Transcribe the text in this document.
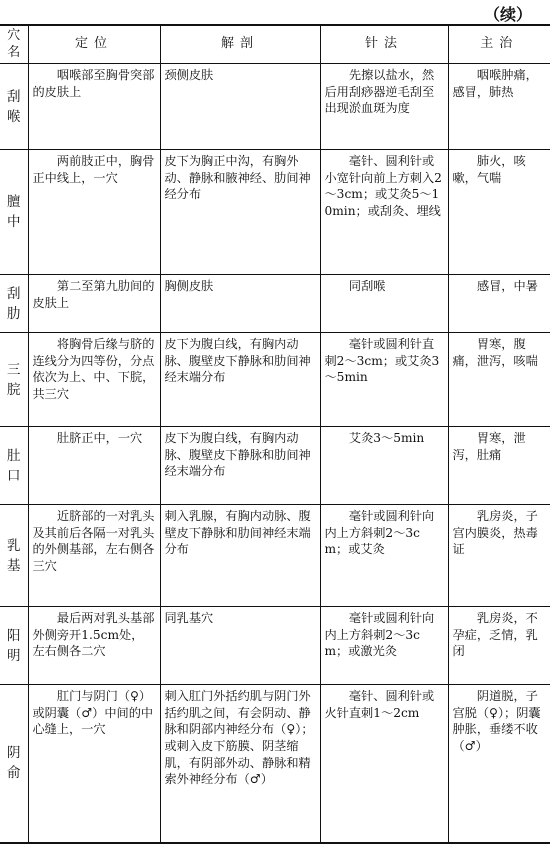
（续）
穴名	定位	解剖	针法	主治
刮喉	咽喉部至胸骨突部的皮肤上	颈侧皮肤	先擦以盐水，然后用刮痧器逆毛刮至出现淤血斑为度	咽喉肿痛，感冒，肺热
膻中	两前肢正中，胸骨正中线上，一穴	皮下为胸正中沟，有胸外动、静脉和腋神经、肋间神经分布	毫针、圆利针或小宽针向前上方刺入2～3cm；或艾灸5～10min；或刮灸、埋线	肺火，咳嗽，气喘
刮肋	第二至第九肋间的皮肤上	胸侧皮肤	同刮喉	感冒，中暑
三脘	将胸骨后缘与脐的连线分为四等份，分点依次为上、中、下脘，共三穴	皮下为腹白线，有胸内动脉、腹壁皮下静脉和肋间神经末端分布	毫针或圆利针直刺2～3cm；或艾灸3～5min	胃寒，腹痛，泄泻，咳喘
肚口	肚脐正中，一穴	皮下为腹白线，有胸内动脉、腹壁皮下静脉和肋间神经末端分布	艾灸3～5min	胃寒，泄泻，肚痛
乳基	近脐部的一对乳头及其前后各隔一对乳头的外侧基部，左右侧各三穴	刺入乳腺，有胸内动脉、腹壁皮下静脉和肋间神经末端分布	毫针或圆利针向内上方斜刺2～3cm；或艾灸	乳房炎，子宫内膜炎，热毒证
阳明	最后两对乳头基部外侧旁开1.5cm处，左右侧各二穴	同乳基穴	毫针或圆利针向内上方斜刺2～3cm；或激光灸	乳房炎，不孕症，乏情，乳闭
阴俞	肛门与阴门（♀）或阴囊（♂）中间的中心缝上，一穴	刺入肛门外括约肌与阴门外括约肌之间，有会阴动、静脉和阴部内神经分布（♀）；或刺入皮下筋膜、阴茎缩肌，有阴部外动、静脉和精索外神经分布（♂）	毫针、圆利针或火针直刺1～2cm	阴道脱，子宫脱（♀）；阴囊肿胀，垂缕不收（♂）
